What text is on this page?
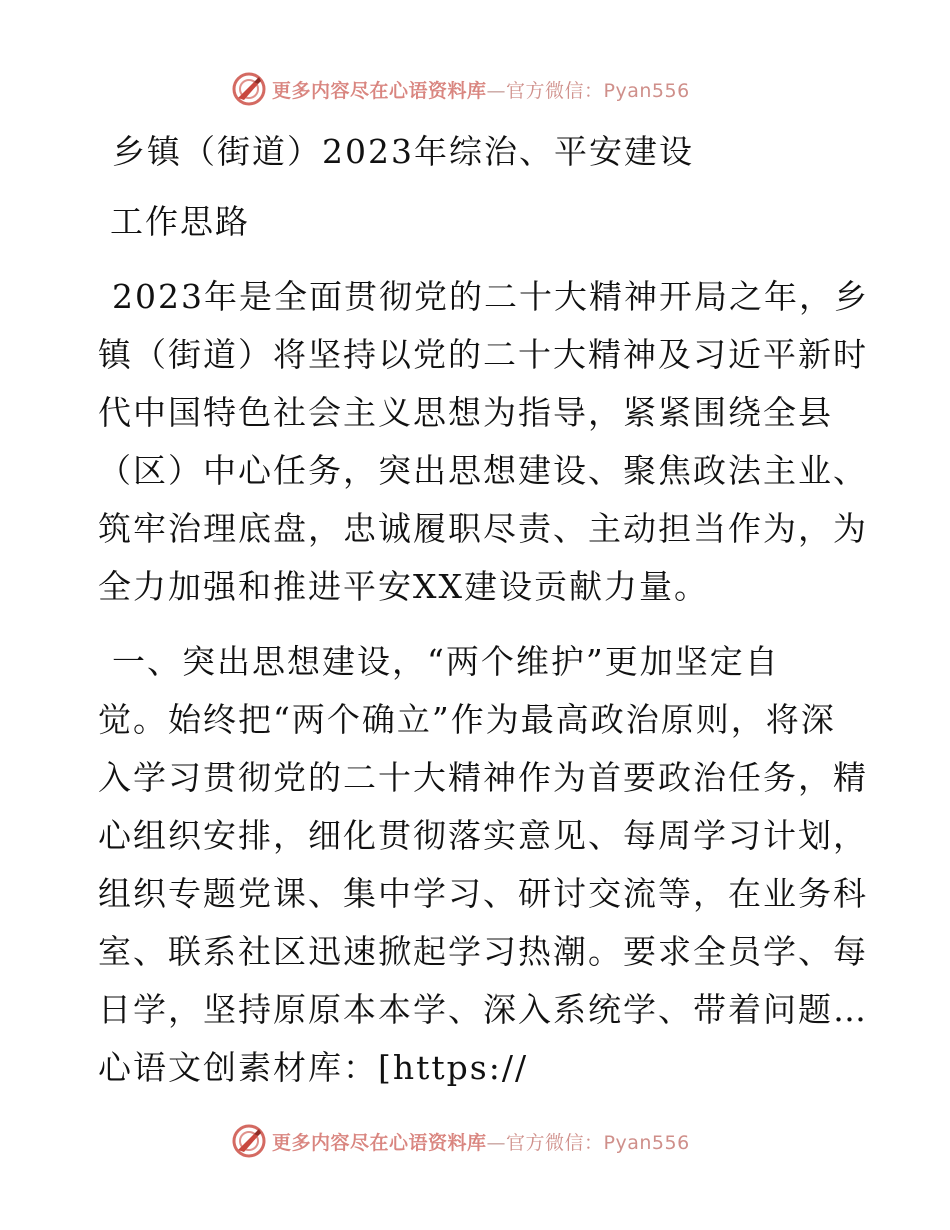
更多内容尽在心语资料库—官方微信：Pyan556
乡镇（街道）2023年综治、平安建设
工作思路
2023年是全面贯彻党的二十大精神开局之年，乡
镇（街道）将坚持以党的二十大精神及习近平新时
代中国特色社会主义思想为指导，紧紧围绕全县
（区）中心任务，突出思想建设、聚焦政法主业、
筑牢治理底盘，忠诚履职尽责、主动担当作为，为
全力加强和推进平安XX建设贡献力量。
一、突出思想建设，“两个维护”更加坚定自
觉。始终把“两个确立”作为最高政治原则，将深
入学习贯彻党的二十大精神作为首要政治任务，精
心组织安排，细化贯彻落实意见、每周学习计划，
组织专题党课、集中学习、研讨交流等，在业务科
室、联系社区迅速掀起学习热潮。要求全员学、每
日学，坚持原原本本学、深入系统学、带着问题…
心语文创素材库：[https://
更多内容尽在心语资料库—官方微信：Pyan556
